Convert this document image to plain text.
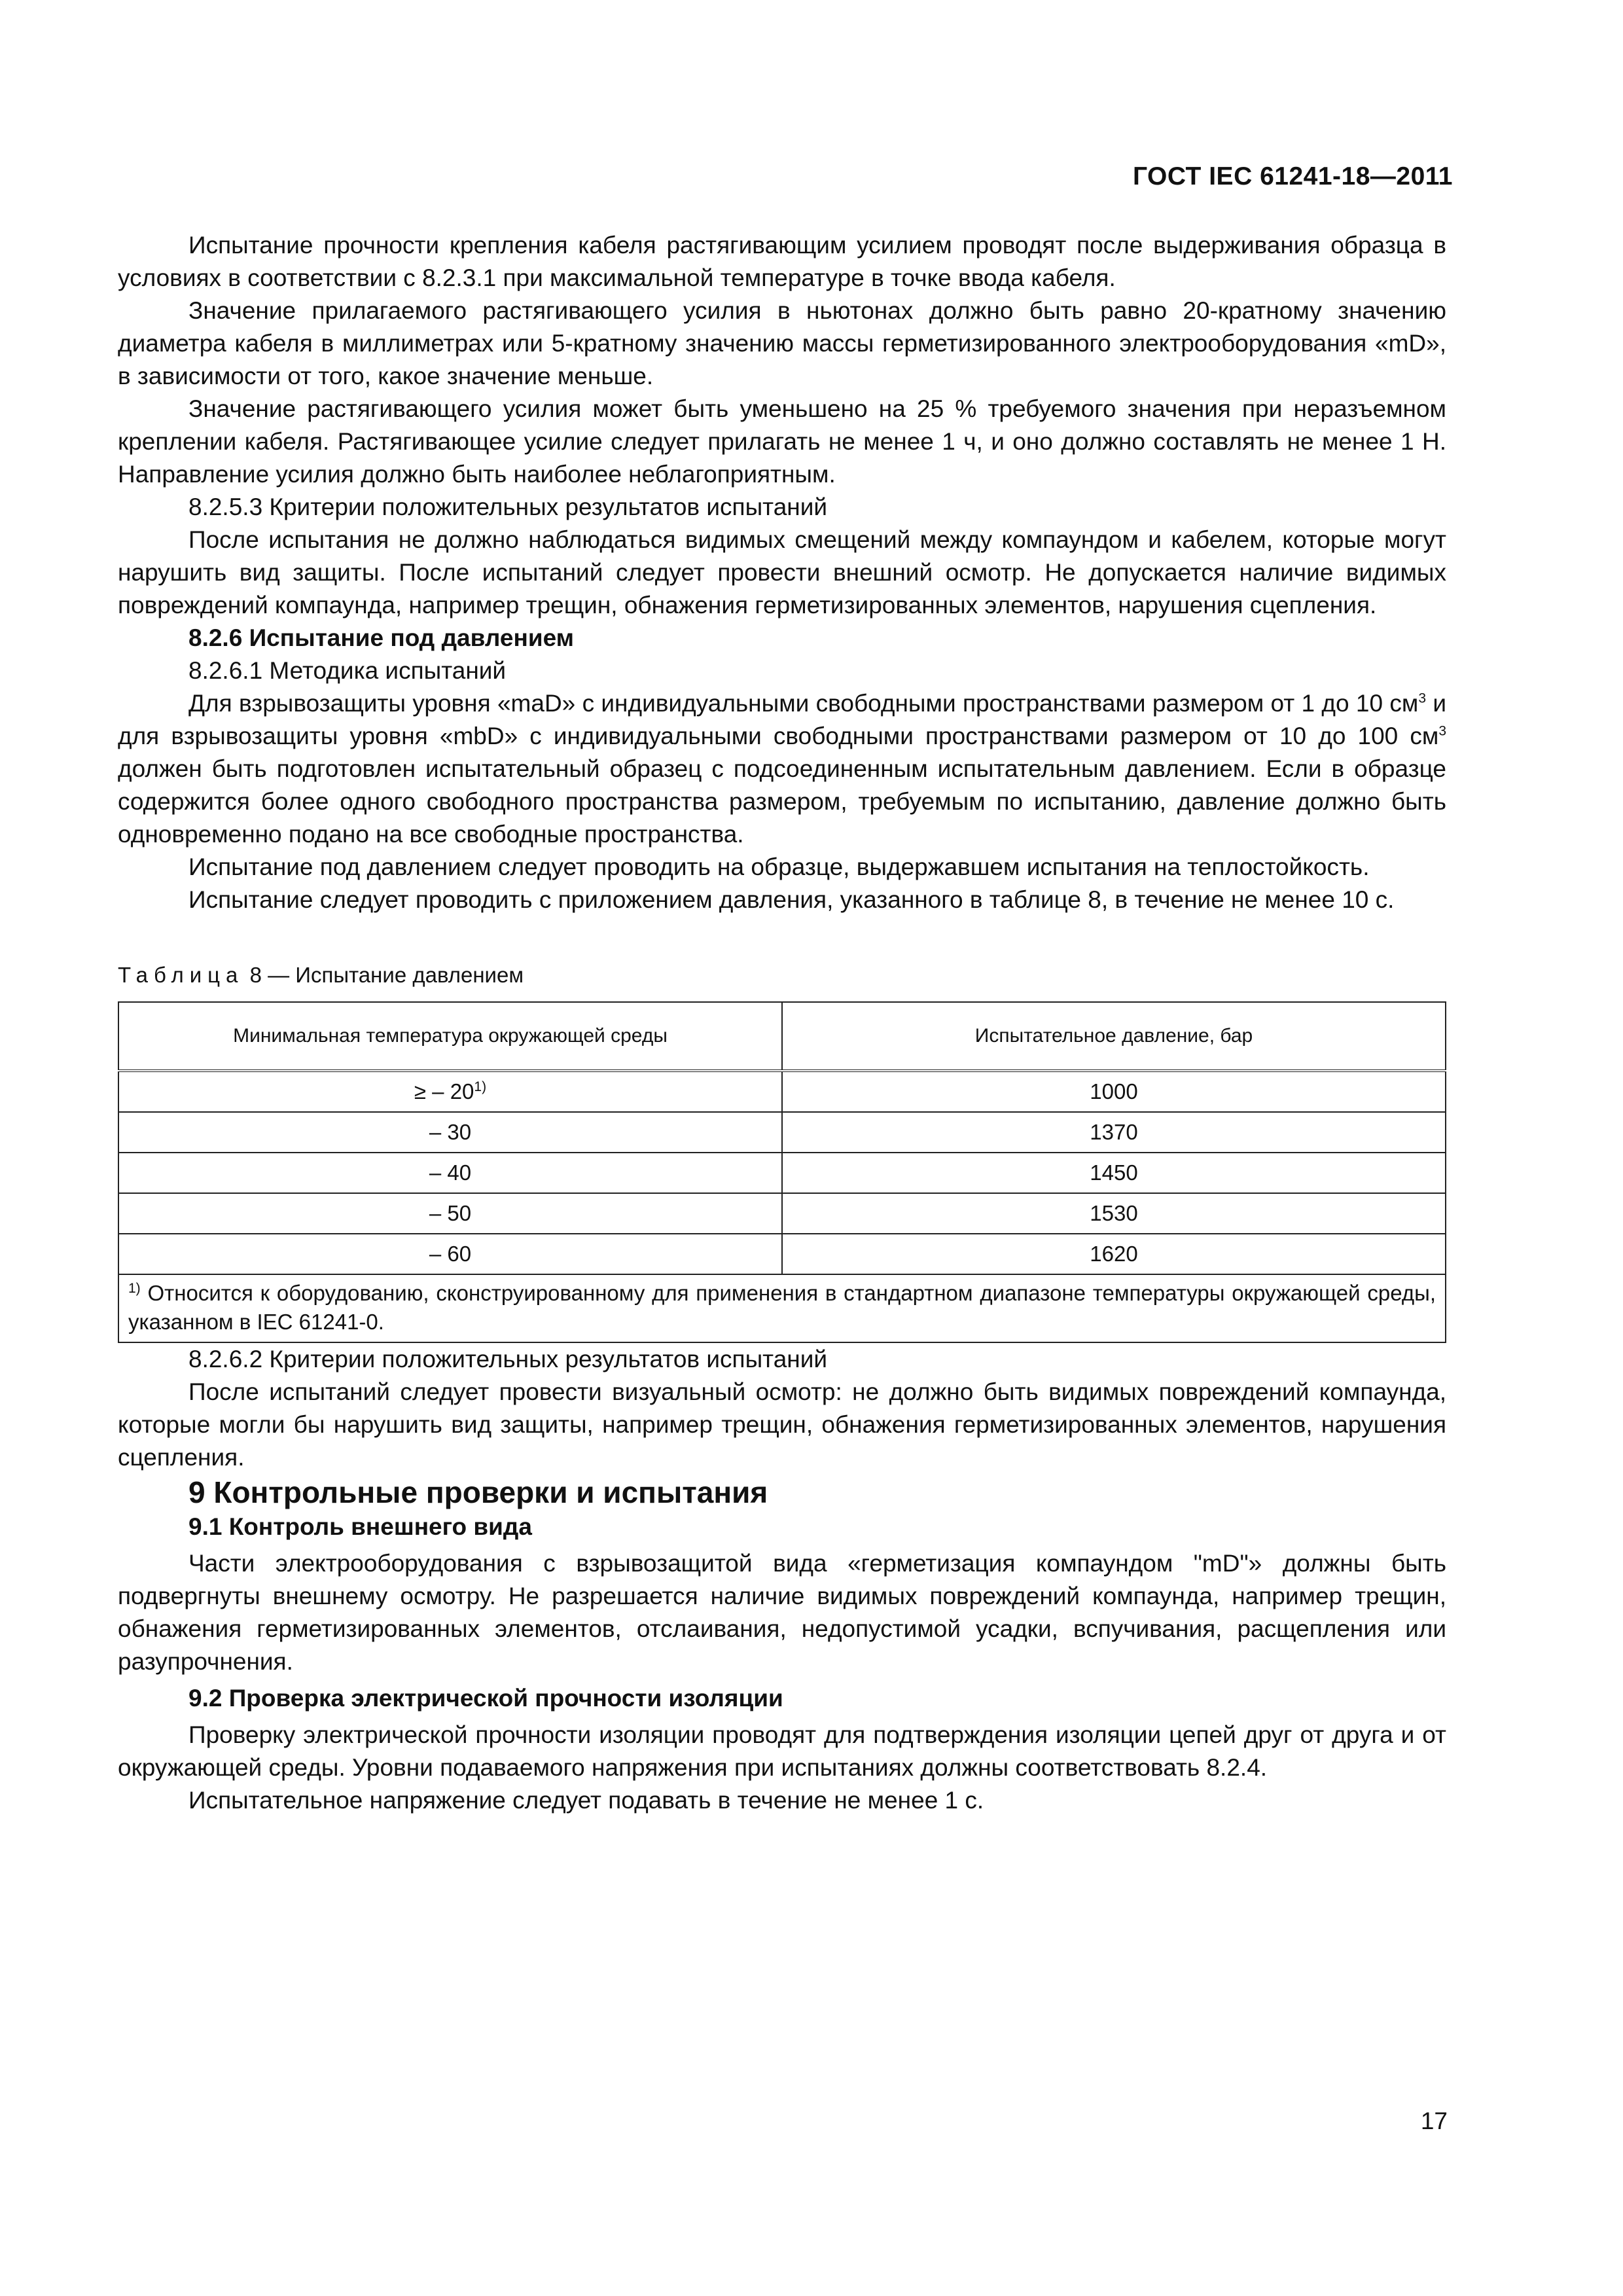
ГОСТ IEC 61241-18—2011

Испытание прочности крепления кабеля растягивающим усилием проводят после выдерживания образца в условиях в соответствии с 8.2.3.1 при максимальной температуре в точке ввода кабеля.

Значение прилагаемого растягивающего усилия в ньютонах должно быть равно 20-кратному значению диаметра кабеля в миллиметрах или 5-кратному значению массы герметизированного электрооборудования «mD», в зависимости от того, какое значение меньше.

Значение растягивающего усилия может быть уменьшено на 25 % требуемого значения при неразъемном креплении кабеля. Растягивающее усилие следует прилагать не менее 1 ч, и оно должно составлять не менее 1 Н. Направление усилия должно быть наиболее неблагоприятным.

8.2.5.3 Критерии положительных результатов испытаний

После испытания не должно наблюдаться видимых смещений между компаундом и кабелем, которые могут нарушить вид защиты. После испытаний следует провести внешний осмотр. Не допускается наличие видимых повреждений компаунда, например трещин, обнажения герметизированных элементов, нарушения сцепления.

8.2.6 Испытание под давлением

8.2.6.1 Методика испытаний

Для взрывозащиты уровня «maD» с индивидуальными свободными пространствами размером от 1 до 10 $см^3$ и для взрывозащиты уровня «mbD» с индивидуальными свободными пространствами размером от 10 до 100 $см^3$ должен быть подготовлен испытательный образец с подсоединенным испытательным давлением. Если в образце содержится более одного свободного пространства размером, требуемым по испытанию, давление должно быть одновременно подано на все свободные пространства.

Испытание под давлением следует проводить на образце, выдержавшем испытания на теплостойкость.

Испытание следует проводить с приложением давления, указанного в таблице 8, в течение не менее 10 с.

Таблица 8 — Испытание давлением
Минимальная температура окружающей среды	Испытательное давление, бар
≥ – 20$^{1)}$	1000
– 30	1370
– 40	1450
– 50	1530
– 60	1620
$^{1)}$ Относится к оборудованию, сконструированному для применения в стандартном диапазоне температуры окружающей среды, указанном в IEC 61241-0.	

8.2.6.2 Критерии положительных результатов испытаний

После испытаний следует провести визуальный осмотр: не должно быть видимых повреждений компаунда, которые могли бы нарушить вид защиты, например трещин, обнажения герметизированных элементов, нарушения сцепления.

9 Контрольные проверки и испытания

9.1 Контроль внешнего вида

Части электрооборудования с взрывозащитой вида «герметизация компаундом "mD"» должны быть подвергнуты внешнему осмотру. Не разрешается наличие видимых повреждений компаунда, например трещин, обнажения герметизированных элементов, отслаивания, недопустимой усадки, вспучивания, расщепления или разупрочнения.

9.2 Проверка электрической прочности изоляции

Проверку электрической прочности изоляции проводят для подтверждения изоляции цепей друг от друга и от окружающей среды. Уровни подаваемого напряжения при испытаниях должны соответствовать 8.2.4.

Испытательное напряжение следует подавать в течение не менее 1 с.

17
